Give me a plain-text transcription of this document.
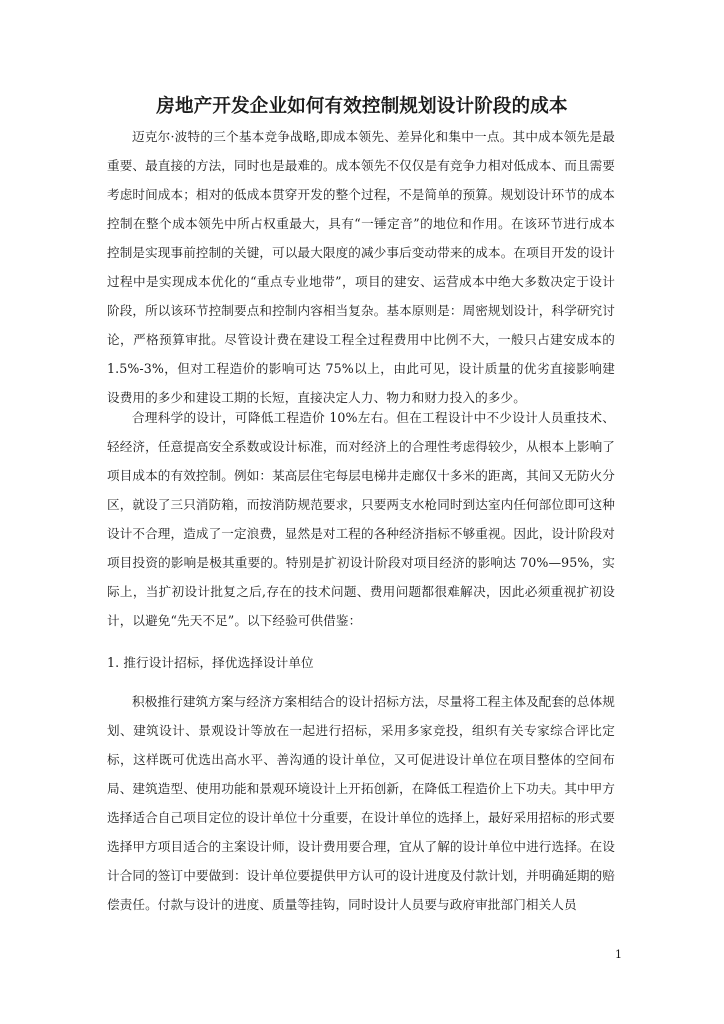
房地产开发企业如何有效控制规划设计阶段的成本

迈克尔·波特的三个基本竞争战略,即成本领先、差异化和集中一点。其中成本领先是最重要、最直接的方法，同时也是最难的。成本领先不仅仅是有竞争力相对低成本、而且需要考虑时间成本；相对的低成本贯穿开发的整个过程，不是简单的预算。规划设计环节的成本控制在整个成本领先中所占权重最大，具有“一锤定音”的地位和作用。在该环节进行成本控制是实现事前控制的关键，可以最大限度的减少事后变动带来的成本。在项目开发的设计过程中是实现成本优化的“重点专业地带”，项目的建安、运营成本中绝大多数决定于设计阶段，所以该环节控制要点和控制内容相当复杂。基本原则是：周密规划设计，科学研究讨论，严格预算审批。尽管设计费在建设工程全过程费用中比例不大，一般只占建安成本的 1.5%-3%，但对工程造价的影响可达 75%以上，由此可见，设计质量的优劣直接影响建设费用的多少和建设工期的长短，直接决定人力、物力和财力投入的多少。

合理科学的设计，可降低工程造价 10%左右。但在工程设计中不少设计人员重技术、轻经济，任意提高安全系数或设计标准，而对经济上的合理性考虑得较少，从根本上影响了项目成本的有效控制。例如：某高层住宅每层电梯井走廊仅十多米的距离，其间又无防火分区，就设了三只消防箱，而按消防规范要求，只要两支水枪同时到达室内任何部位即可这种设计不合理，造成了一定浪费，显然是对工程的各种经济指标不够重视。因此，设计阶段对项目投资的影响是极其重要的。特别是扩初设计阶段对项目经济的影响达 70%—95%，实际上，当扩初设计批复之后,存在的技术问题、费用问题都很难解决，因此必须重视扩初设计，以避免“先天不足”。以下经验可供借鉴：

1. 推行设计招标，择优选择设计单位

积极推行建筑方案与经济方案相结合的设计招标方法，尽量将工程主体及配套的总体规划、建筑设计、景观设计等放在一起进行招标，采用多家竞投，组织有关专家综合评比定标，这样既可优选出高水平、善沟通的设计单位，又可促进设计单位在项目整体的空间布局、建筑造型、使用功能和景观环境设计上开拓创新，在降低工程造价上下功夫。其中甲方选择适合自己项目定位的设计单位十分重要，在设计单位的选择上，最好采用招标的形式要选择甲方项目适合的主案设计师，设计费用要合理，宜从了解的设计单位中进行选择。在设计合同的签订中要做到：设计单位要提供甲方认可的设计进度及付款计划，并明确延期的赔偿责任。付款与设计的进度、质量等挂钩，同时设计人员要与政府审批部门相关人员

1
